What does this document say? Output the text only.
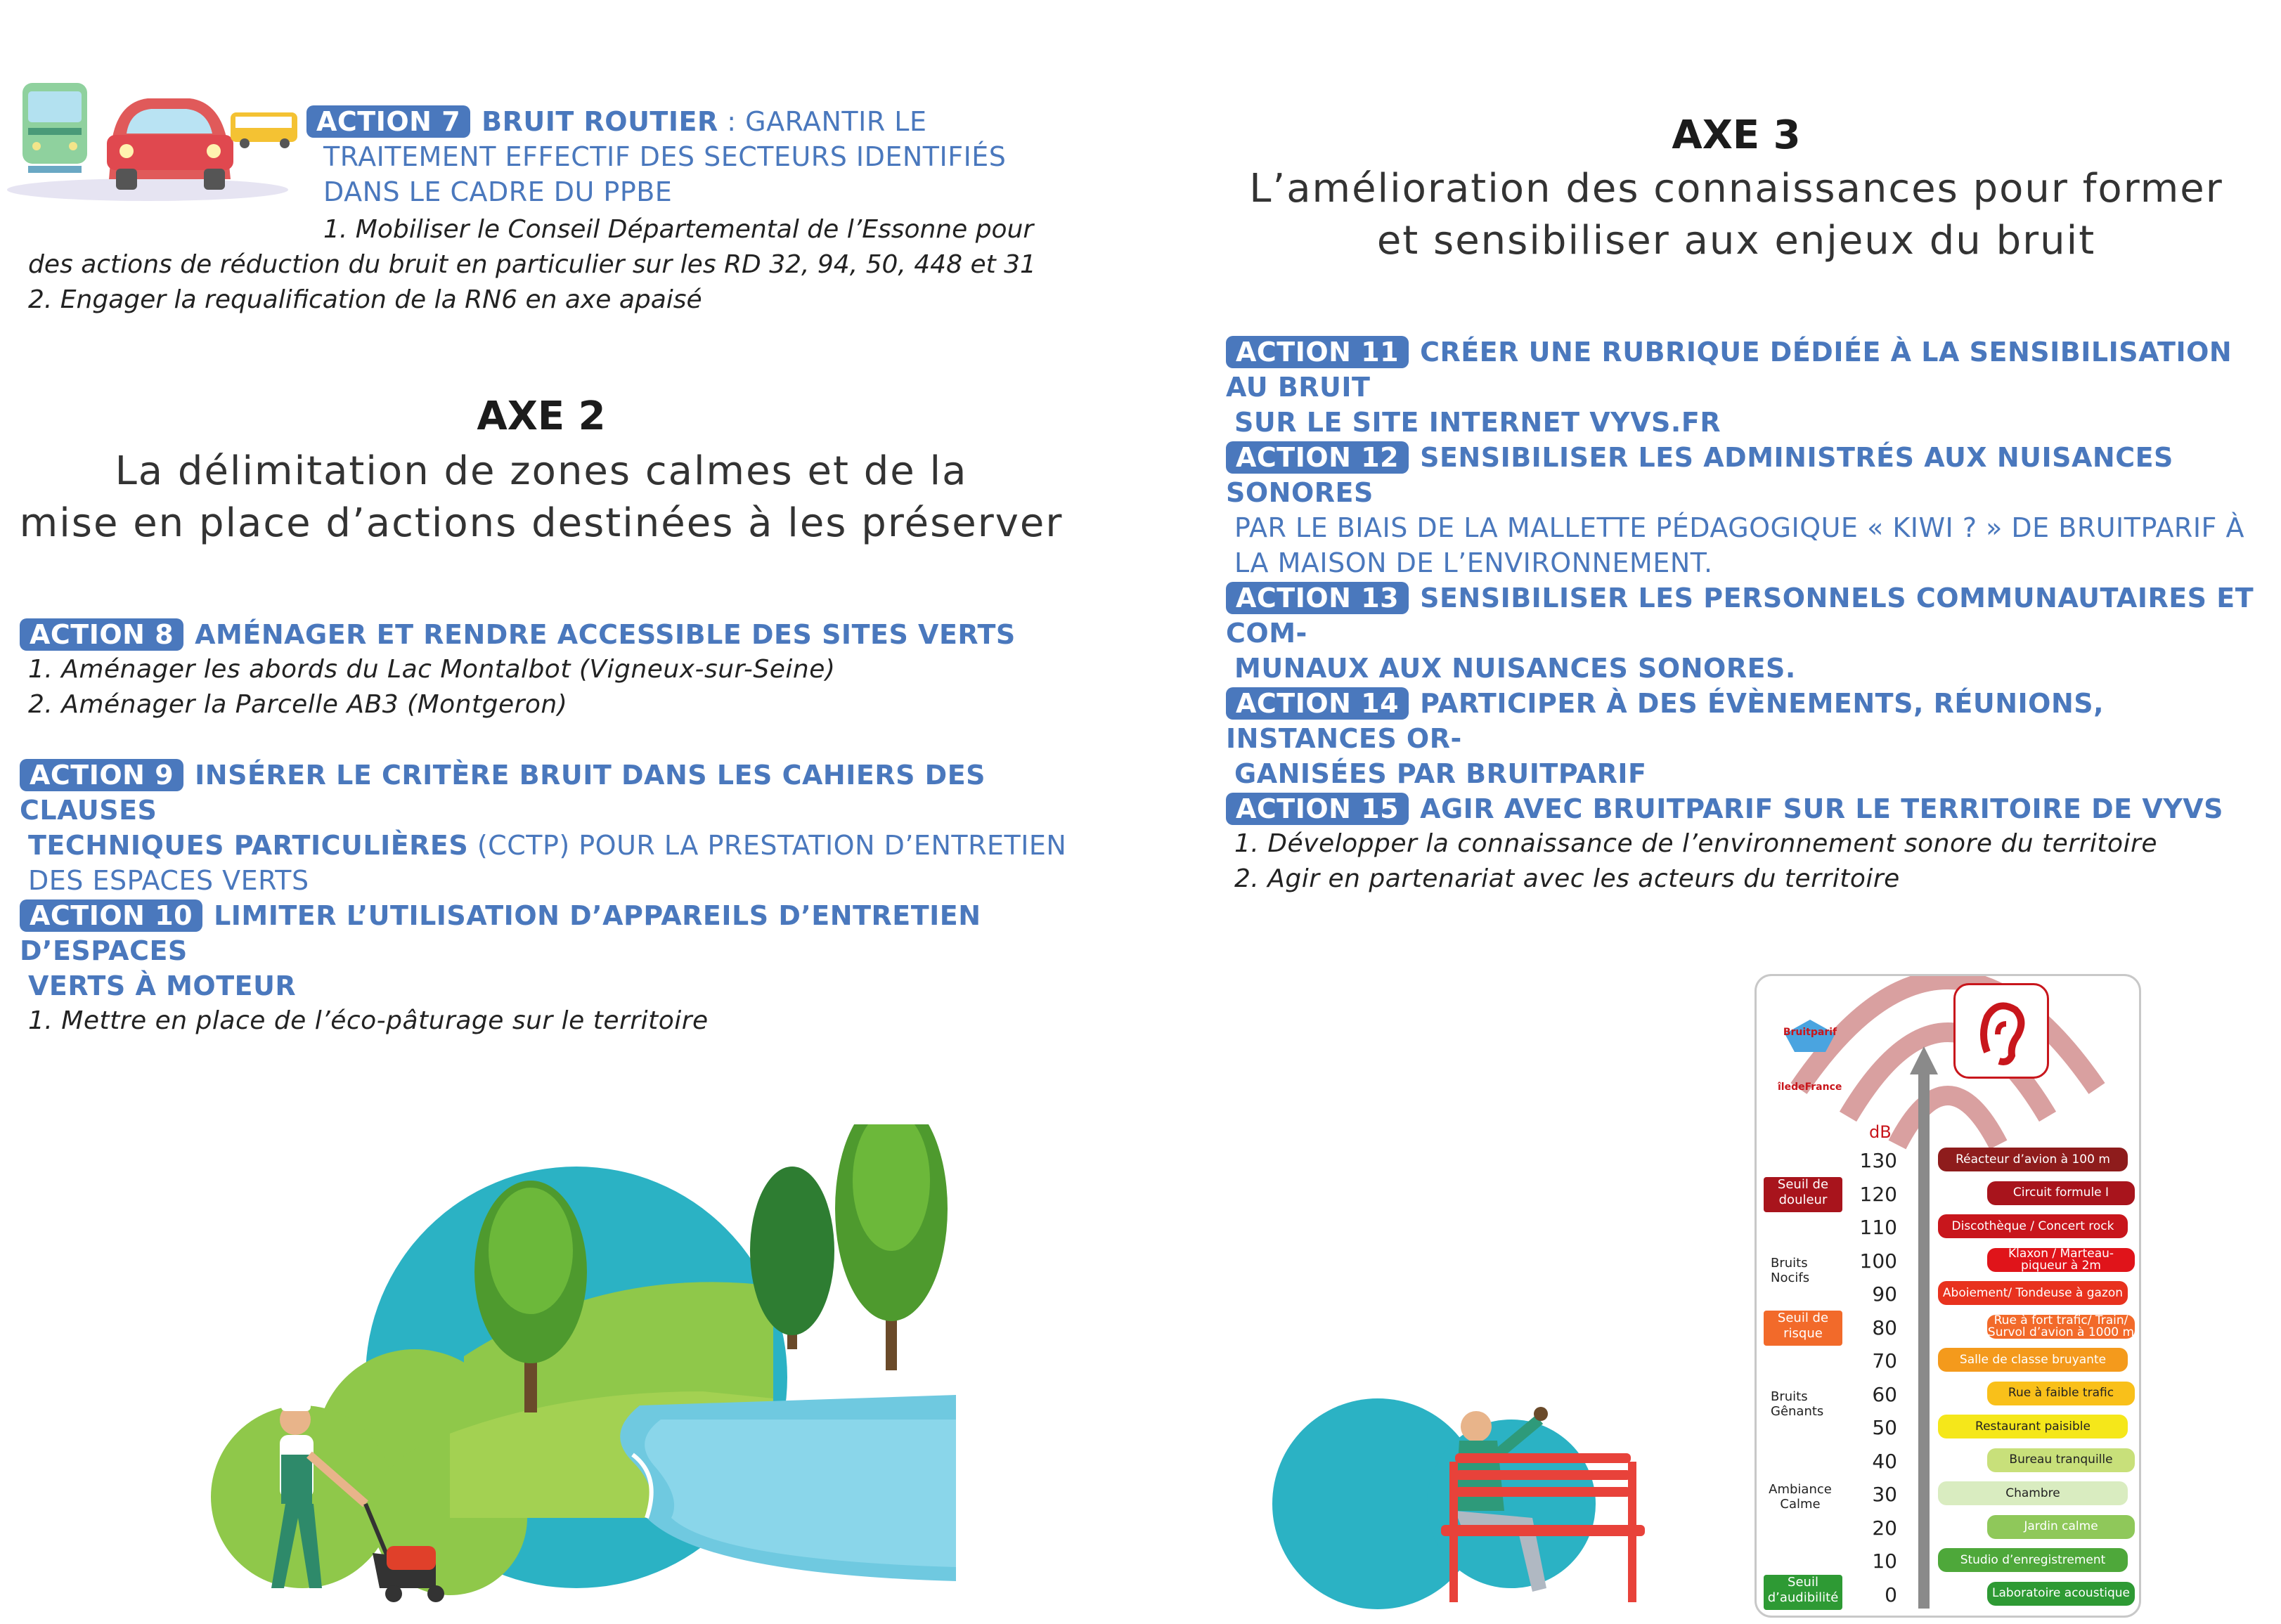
ACTION 7 BRUIT ROUTIER : GARANTIR LE
TRAITEMENT EFFECTIF DES SECTEURS IDENTIFIÉS
DANS LE CADRE DU PPBE
1. Mobiliser le Conseil Départemental de l’Essonne pour
des actions de réduction du bruit en particulier sur les RD 32, 94, 50, 448 et 31
2. Engager la requalification de la RN6 en axe apaisé
AXE 2
La délimitation de zones calmes et de la
mise en place d’actions destinées à les préserver
ACTION 8 AMÉNAGER ET RENDRE ACCESSIBLE DES SITES VERTS
1. Aménager les abords du Lac Montalbot (Vigneux-sur-Seine)
2. Aménager la Parcelle AB3 (Montgeron)
ACTION 9 INSÉRER LE CRITÈRE BRUIT DANS LES CAHIERS DES CLAUSES
TECHNIQUES PARTICULIÈRES (CCTP) POUR LA PRESTATION D’ENTRETIEN
DES ESPACES VERTS
ACTION 10 LIMITER L’UTILISATION D’APPAREILS D’ENTRETIEN D’ESPACES
VERTS À MOTEUR
1. Mettre en place de l’éco-pâturage sur le territoire
AXE 3
L’amélioration des connaissances pour former
et sensibiliser aux enjeux du bruit
ACTION 11 CRÉER UNE RUBRIQUE DÉDIÉE À LA SENSIBILISATION AU BRUIT
SUR LE SITE INTERNET VYVS.FR
ACTION 12 SENSIBILISER LES ADMINISTRÉS AUX NUISANCES SONORES
PAR LE BIAIS DE LA MALLETTE PÉDAGOGIQUE « KIWI ? » DE BRUITPARIF À
LA MAISON DE L’ENVIRONNEMENT.
ACTION 13 SENSIBILISER LES PERSONNELS COMMUNAUTAIRES ET COM-
MUNAUX AUX NUISANCES SONORES.
ACTION 14 PARTICIPER À DES ÉVÈNEMENTS, RÉUNIONS, INSTANCES OR-
GANISÉES PAR BRUITPARIF
ACTION 15 AGIR AVEC BRUITPARIF SUR LE TERRITOIRE DE VYVS
1. Développer la connaissance de l’environnement sonore du territoire
2. Agir en partenariat avec les acteurs du territoire
Bruitparif
îledeFrance
dB
130
120
110
100
90
80
70
60
50
40
30
20
10
0
Réacteur d’avion à 100 m
Circuit formule I
Discothèque / Concert rock
Klaxon / Marteau-piqueur à 2m
Aboiement/ Tondeuse à gazon
Rue à fort trafic/ Train/ Survol d’avion à 1000 m
Salle de classe bruyante
Rue à faible trafic
Restaurant paisible
Bureau tranquille
Chambre
Jardin calme
Studio d’enregistrement
Laboratoire acoustique
Seuil de douleur
Bruits Nocifs
Seuil de risque
Bruits Gênants
Ambiance Calme
Seuil d’audibilité
